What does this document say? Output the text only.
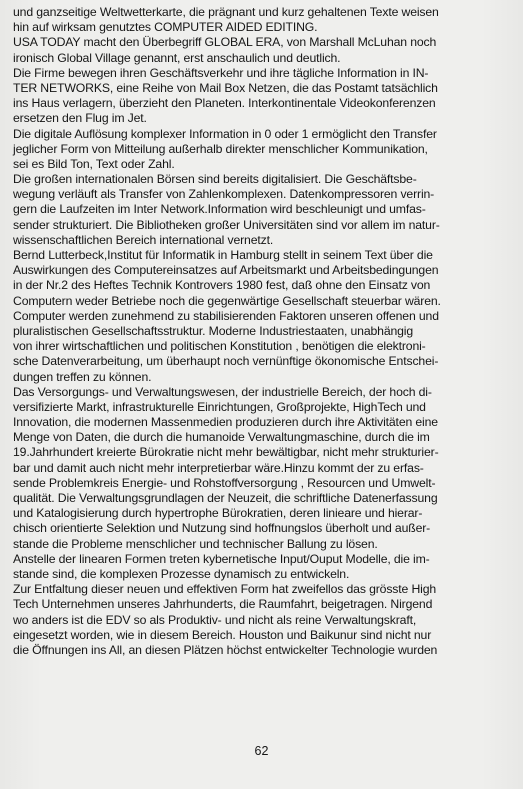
und ganzseitige Weltwetterkarte, die prägnant und kurz gehaltenen Texte weisen
hin auf wirksam genutztes COMPUTER AIDED EDITING.
USA TODAY macht den Überbegriff GLOBAL ERA, von Marshall McLuhan noch
ironisch Global Village genannt, erst anschaulich und deutlich.
Die Firme bewegen ihren Geschäftsverkehr und ihre tägliche Information in IN-
TER NETWORKS, eine Reihe von Mail Box Netzen, die das Postamt tatsächlich
ins Haus verlagern, überzieht den Planeten. Interkontinentale Videokonferenzen
ersetzen den Flug im Jet.
Die digitale Auflösung komplexer Information in 0 oder 1 ermöglicht den Transfer
jeglicher Form von Mitteilung außerhalb direkter menschlicher Kommunikation,
sei es Bild Ton, Text oder Zahl.
Die großen internationalen Börsen sind bereits digitalisiert. Die Geschäftsbe-
wegung verläuft als Transfer von Zahlenkomplexen. Datenkompressoren verrin-
gern die Laufzeiten im Inter Network.Information wird beschleunigt und umfas-
sender strukturiert. Die Bibliotheken großer Universitäten sind vor allem im natur-
wissenschaftlichen Bereich international vernetzt.
Bernd Lutterbeck,Institut für Informatik in Hamburg stellt in seinem Text über die
Auswirkungen des Computereinsatzes auf Arbeitsmarkt und Arbeitsbedingungen
in der Nr.2 des Heftes Technik Kontrovers 1980 fest, daß ohne den Einsatz von
Computern weder Betriebe noch die gegenwärtige Gesellschaft steuerbar wären.
Computer werden zunehmend zu stabilisierenden Faktoren unseren offenen und
pluralistischen Gesellschaftsstruktur. Moderne Industriestaaten, unabhängig
von ihrer wirtschaftlichen und politischen Konstitution , benötigen die elektroni-
sche Datenverarbeitung, um überhaupt noch vernünftige ökonomische Entschei-
dungen treffen zu können.
Das Versorgungs- und Verwaltungswesen, der industrielle Bereich, der hoch di-
versifizierte Markt, infrastrukturelle Einrichtungen, Großprojekte, HighTech und
Innovation, die modernen Massenmedien produzieren durch ihre Aktivitäten eine
Menge von Daten, die durch die humanoide Verwaltungmaschine, durch die im
19.Jahrhundert kreierte Bürokratie nicht mehr bewältigbar, nicht mehr strukturier-
bar und damit auch nicht mehr interpretierbar wäre.Hinzu kommt der zu erfas-
sende Problemkreis Energie- und Rohstoffversorgung , Resourcen und Umwelt-
qualität. Die Verwaltungsgrundlagen der Neuzeit, die schriftliche Datenerfassung
und Katalogisierung durch hypertrophe Bürokratien, deren linieare und hierar-
chisch orientierte Selektion und Nutzung sind hoffnungslos überholt und außer-
stande die Probleme menschlicher und technischer Ballung zu lösen.
Anstelle der linearen Formen treten kybernetische Input/Ouput Modelle, die im-
stande sind, die komplexen Prozesse dynamisch zu entwickeln.
Zur Entfaltung dieser neuen und effektiven Form hat zweifellos das grösste High
Tech Unternehmen unseres Jahrhunderts, die Raumfahrt, beigetragen. Nirgend
wo anders ist die EDV so als Produktiv- und nicht als reine Verwaltungskraft,
eingesetzt worden, wie in diesem Bereich. Houston und Baikunur sind nicht nur
die Öffnungen ins All, an diesen Plätzen höchst entwickelter Technologie wurden
62
